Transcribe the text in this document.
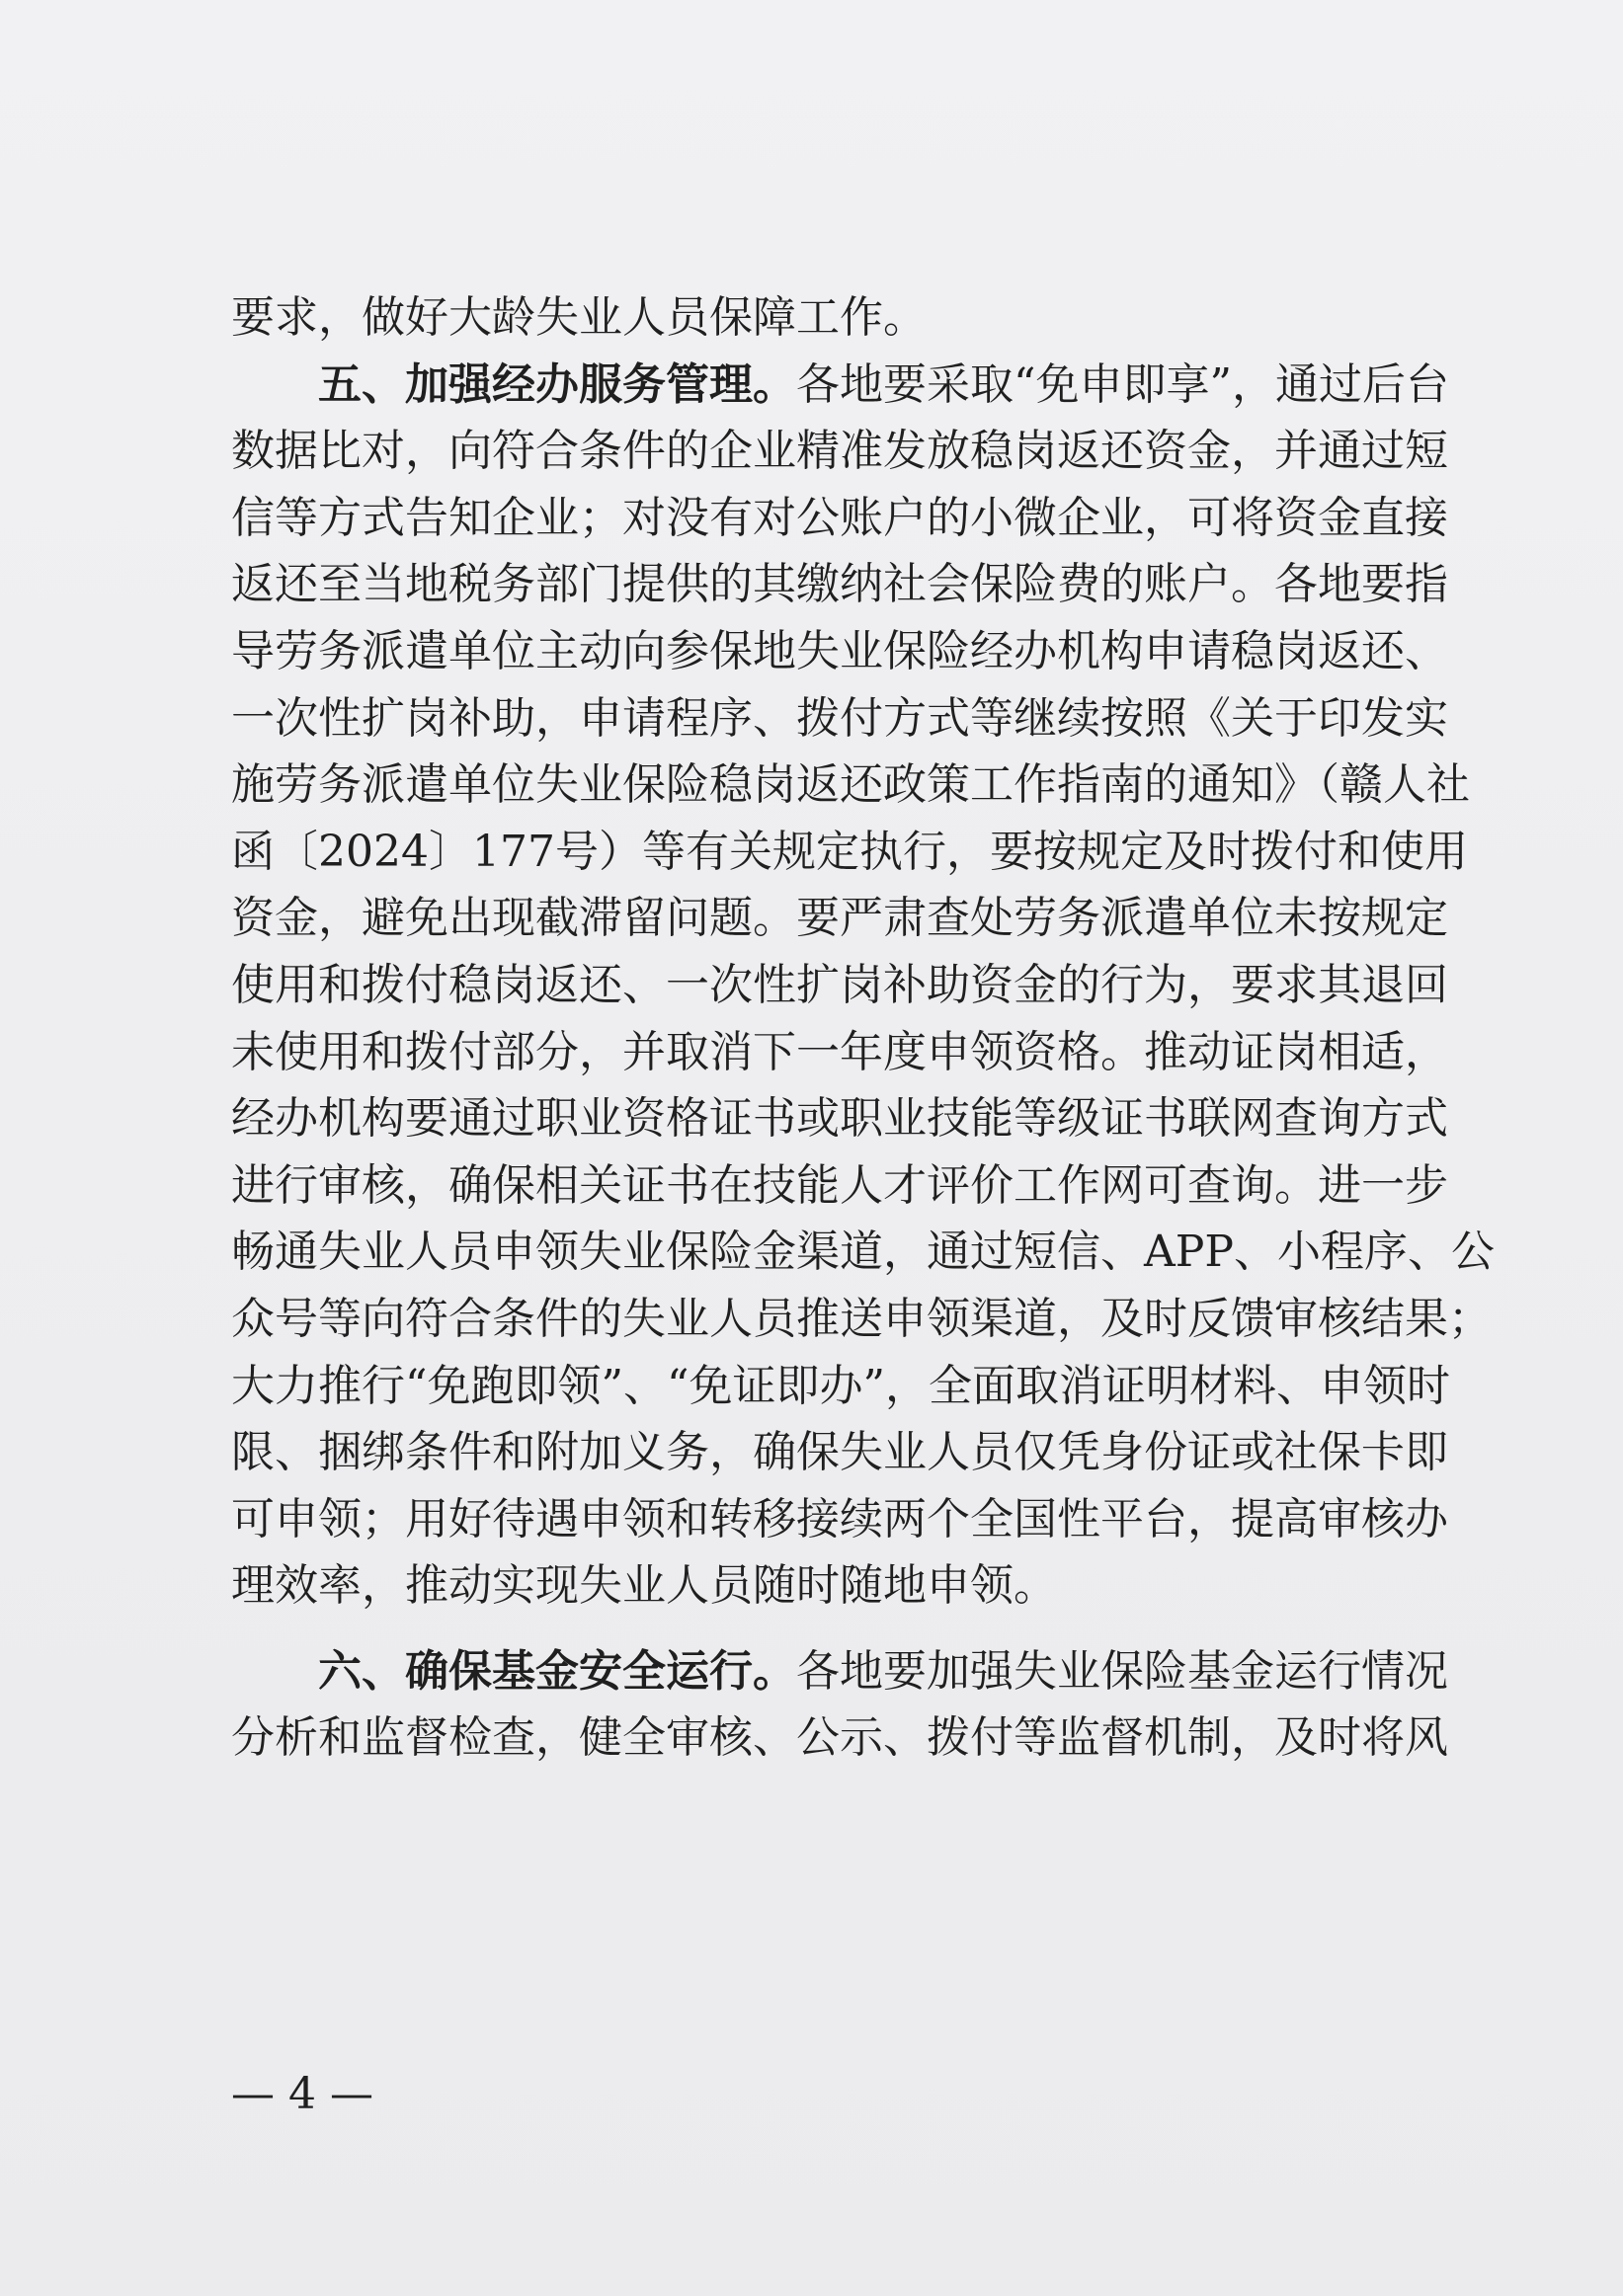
要求，做好大龄失业人员保障工作。
五、加强经办服务管理。各地要采取“免申即享”，通过后台
数据比对，向符合条件的企业精准发放稳岗返还资金，并通过短
信等方式告知企业；对没有对公账户的小微企业，可将资金直接
返还至当地税务部门提供的其缴纳社会保险费的账户。各地要指
导劳务派遣单位主动向参保地失业保险经办机构申请稳岗返还、
一次性扩岗补助，申请程序、拨付方式等继续按照《关于印发实
施劳务派遣单位失业保险稳岗返还政策工作指南的通知》（赣人社
函〔2024〕177号）等有关规定执行，要按规定及时拨付和使用
资金，避免出现截滞留问题。要严肃查处劳务派遣单位未按规定
使用和拨付稳岗返还、一次性扩岗补助资金的行为，要求其退回
未使用和拨付部分，并取消下一年度申领资格。推动证岗相适，
经办机构要通过职业资格证书或职业技能等级证书联网查询方式
进行审核，确保相关证书在技能人才评价工作网可查询。进一步
畅通失业人员申领失业保险金渠道，通过短信、APP、小程序、公
众号等向符合条件的失业人员推送申领渠道，及时反馈审核结果；
大力推行“免跑即领”、“免证即办”，全面取消证明材料、申领时
限、捆绑条件和附加义务，确保失业人员仅凭身份证或社保卡即
可申领；用好待遇申领和转移接续两个全国性平台，提高审核办
理效率，推动实现失业人员随时随地申领。
六、确保基金安全运行。各地要加强失业保险基金运行情况
分析和监督检查，健全审核、公示、拨付等监督机制，及时将风
— 4 —
